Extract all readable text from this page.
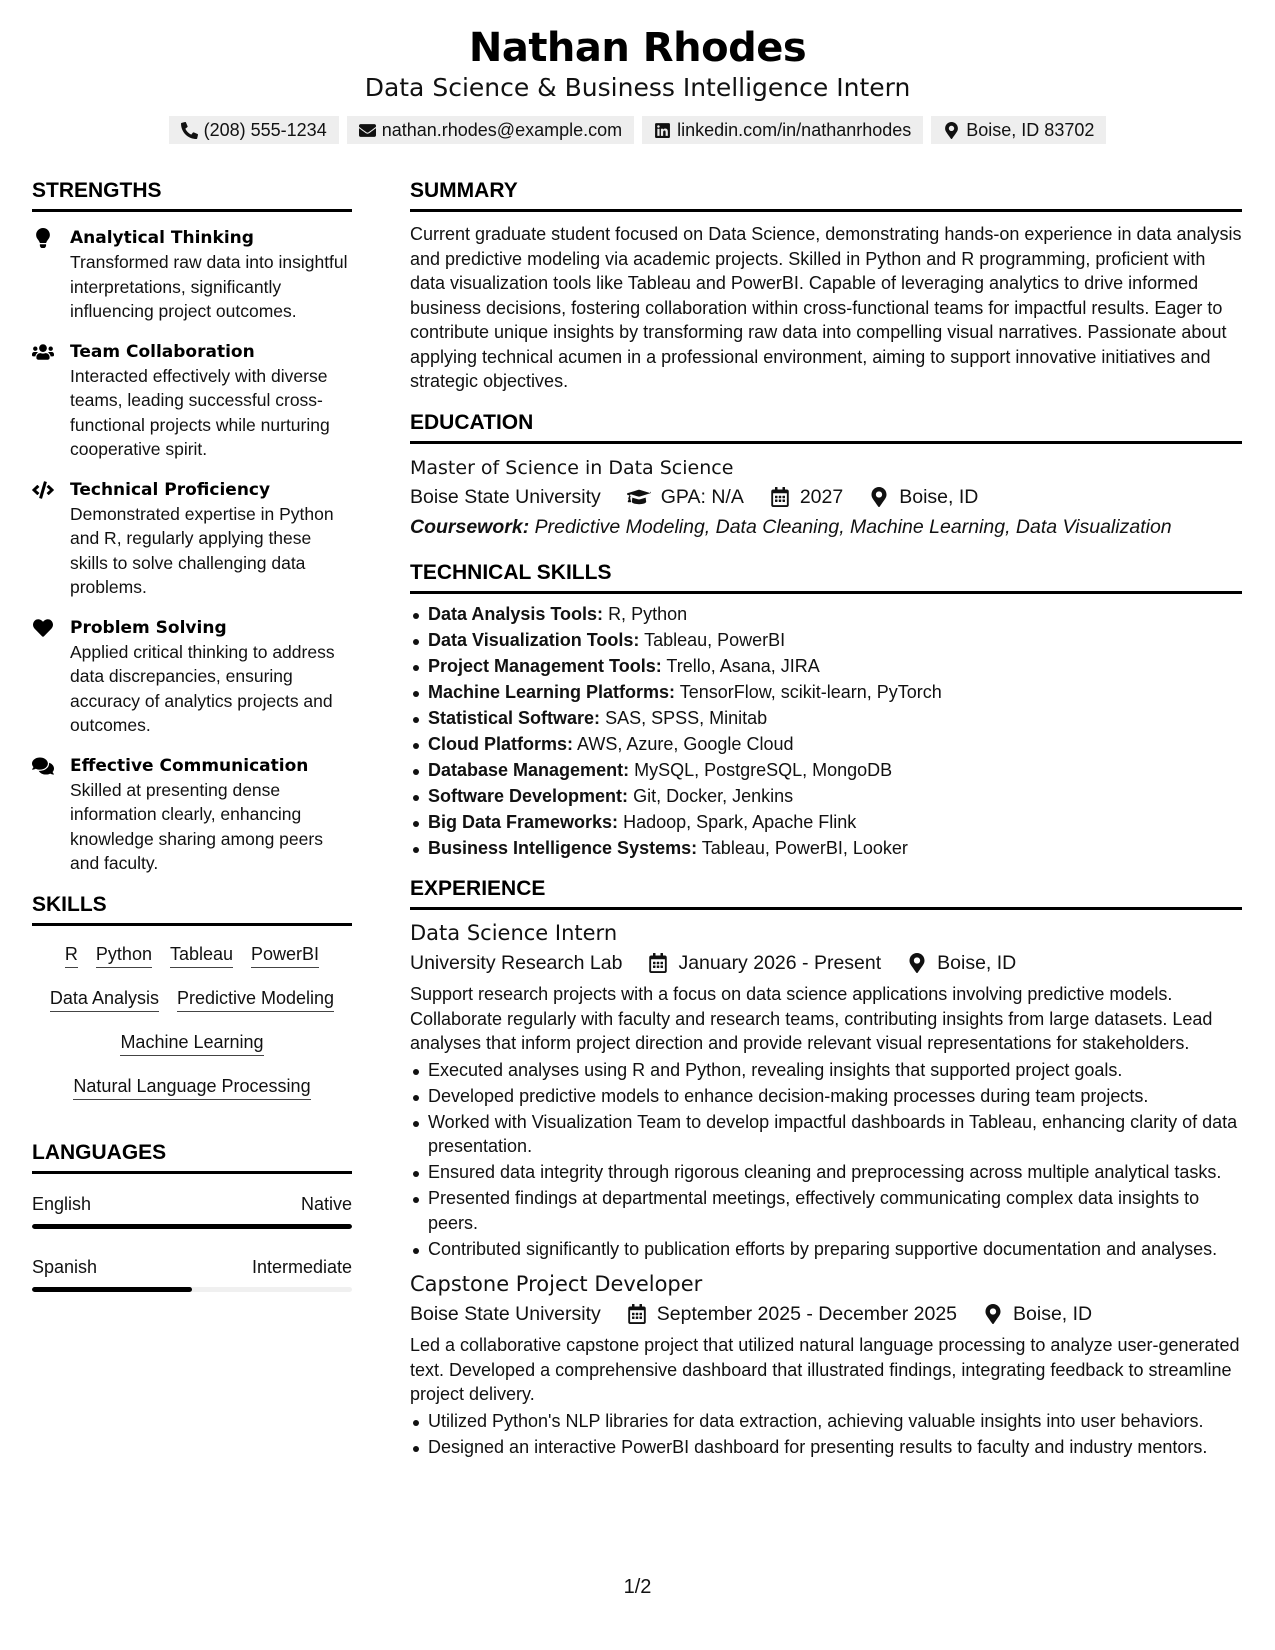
Nathan Rhodes
Data Science & Business Intelligence Intern
(208) 555-1234	nathan.rhodes@example.com	linkedin.com/in/nathanrhodes	Boise, ID 83702
STRENGTHS
Analytical Thinking
Transformed raw data into insightful interpretations, significantly influencing project outcomes.
Team Collaboration
Interacted effectively with diverse teams, leading successful cross-functional projects while nurturing cooperative spirit.
Technical Proficiency
Demonstrated expertise in Python and R, regularly applying these skills to solve challenging data problems.
Problem Solving
Applied critical thinking to address data discrepancies, ensuring accuracy of analytics projects and outcomes.
Effective Communication
Skilled at presenting dense information clearly, enhancing knowledge sharing among peers and faculty.
SKILLS
R Python Tableau PowerBI
Data Analysis Predictive Modeling
Machine Learning
Natural Language Processing
LANGUAGES
English	Native
Spanish	Intermediate
SUMMARY
Current graduate student focused on Data Science, demonstrating hands-on experience in data analysis and predictive modeling via academic projects. Skilled in Python and R programming, proficient with data visualization tools like Tableau and PowerBI. Capable of leveraging analytics to drive informed business decisions, fostering collaboration within cross-functional teams for impactful results. Eager to contribute unique insights by transforming raw data into compelling visual narratives. Passionate about applying technical acumen in a professional environment, aiming to support innovative initiatives and strategic objectives.
EDUCATION
Master of Science in Data Science
Boise State University	GPA: N/A	2027	Boise, ID
Coursework: Predictive Modeling, Data Cleaning, Machine Learning, Data Visualization
TECHNICAL SKILLS
Data Analysis Tools: R, Python
Data Visualization Tools: Tableau, PowerBI
Project Management Tools: Trello, Asana, JIRA
Machine Learning Platforms: TensorFlow, scikit-learn, PyTorch
Statistical Software: SAS, SPSS, Minitab
Cloud Platforms: AWS, Azure, Google Cloud
Database Management: MySQL, PostgreSQL, MongoDB
Software Development: Git, Docker, Jenkins
Big Data Frameworks: Hadoop, Spark, Apache Flink
Business Intelligence Systems: Tableau, PowerBI, Looker
EXPERIENCE
Data Science Intern
University Research Lab	January 2026 - Present	Boise, ID
Support research projects with a focus on data science applications involving predictive models. Collaborate regularly with faculty and research teams, contributing insights from large datasets. Lead analyses that inform project direction and provide relevant visual representations for stakeholders.
Executed analyses using R and Python, revealing insights that supported project goals.
Developed predictive models to enhance decision-making processes during team projects.
Worked with Visualization Team to develop impactful dashboards in Tableau, enhancing clarity of data presentation.
Ensured data integrity through rigorous cleaning and preprocessing across multiple analytical tasks.
Presented findings at departmental meetings, effectively communicating complex data insights to peers.
Contributed significantly to publication efforts by preparing supportive documentation and analyses.
Capstone Project Developer
Boise State University	September 2025 - December 2025	Boise, ID
Led a collaborative capstone project that utilized natural language processing to analyze user-generated text. Developed a comprehensive dashboard that illustrated findings, integrating feedback to streamline project delivery.
Utilized Python's NLP libraries for data extraction, achieving valuable insights into user behaviors.
Designed an interactive PowerBI dashboard for presenting results to faculty and industry mentors.
1/2
